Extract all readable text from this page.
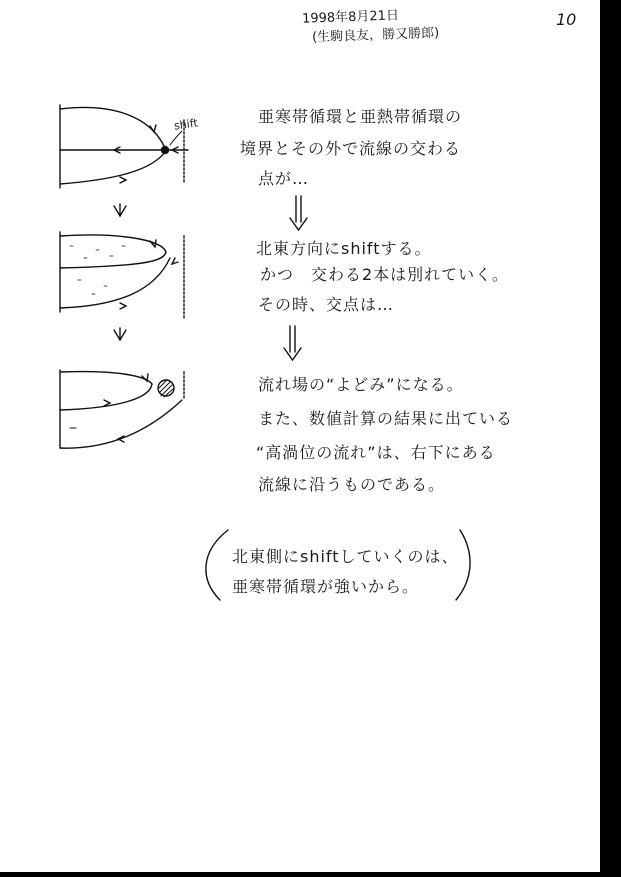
1998年8月21日
(生駒良友，勝又勝郎)
10
shift	亜寒帯循環と亜熱帯循環の
境界とその外で流線の交わる
点が…
北東方向にshiftする。
かつ　交わる2本は別れていく。
その時、交点は…
流れ場の“よどみ”になる。
また、数値計算の結果に出ている
“高渦位の流れ”は、右下にある
流線に沿うものである。
北東側にshiftしていくのは、
亜寒帯循環が強いから。
